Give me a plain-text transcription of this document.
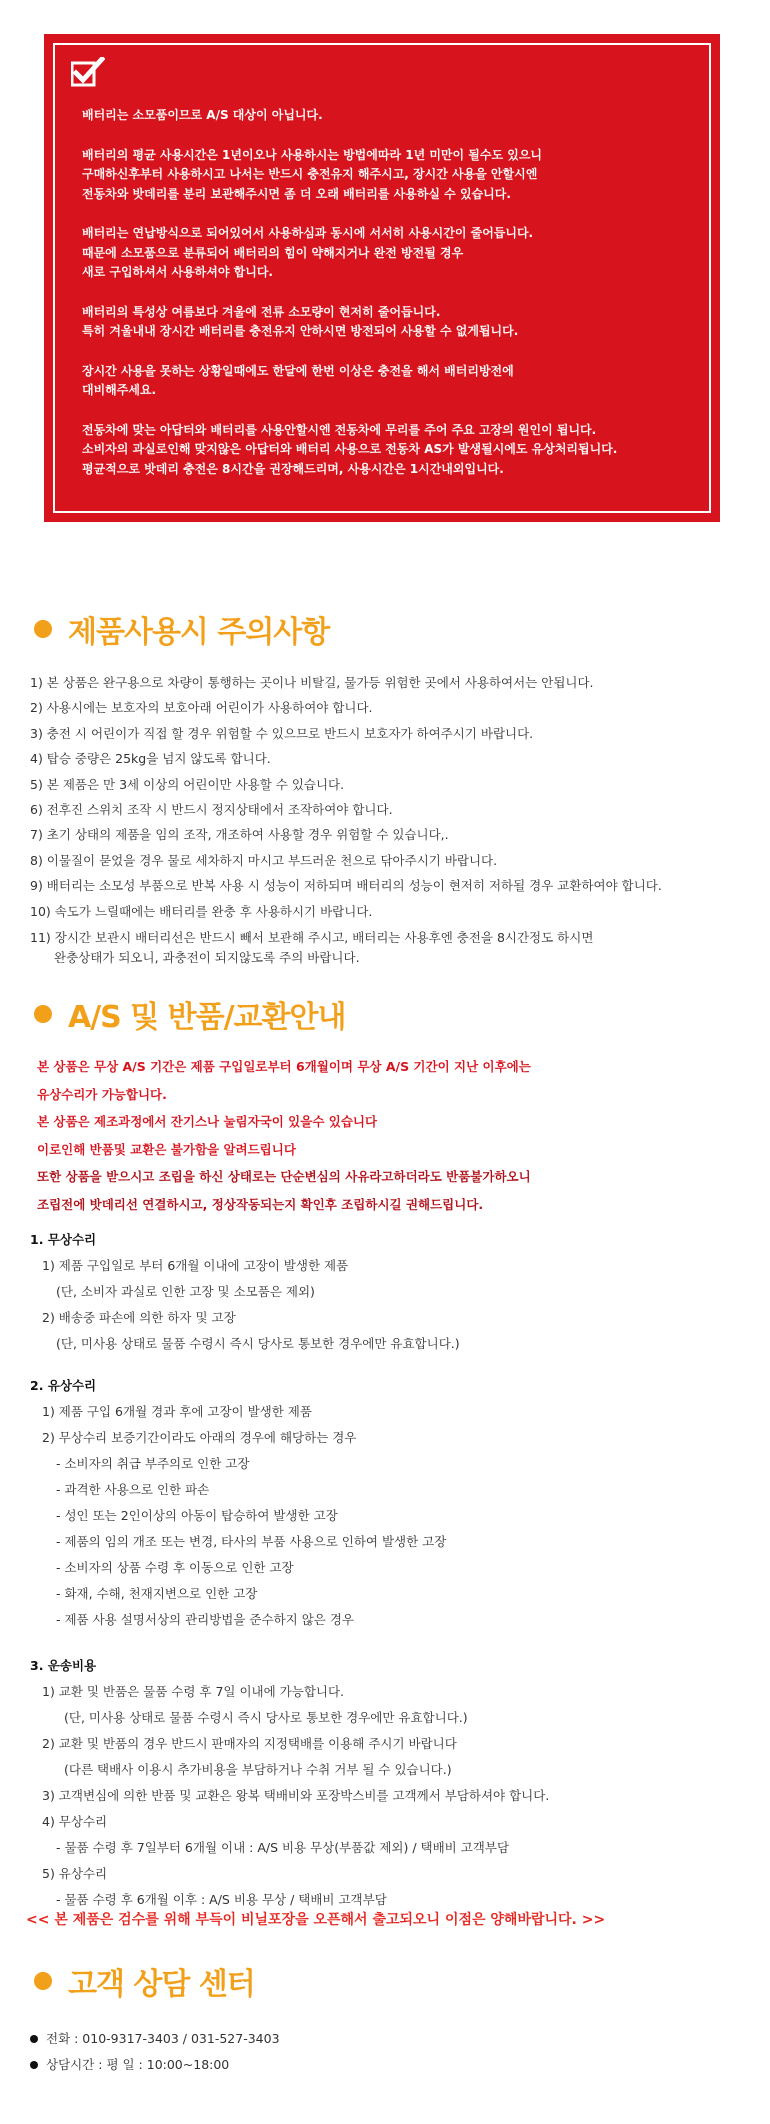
배터리는 소모품이므로 A/S 대상이 아닙니다.

배터리의 평균 사용시간은 1년이오나 사용하시는 방법에따라 1년 미만이 될수도 있으니
구매하신후부터 사용하시고 나서는 반드시 충전유지 해주시고, 장시간 사용을 안할시엔
전동차와 밧데리를 분리 보관해주시면 좀 더 오래 배터리를 사용하실 수 있습니다.

배터리는 연납방식으로 되어있어서 사용하심과 동시에 서서히 사용시간이 줄어듭니다.
때문에 소모품으로 분류되어 배터리의 힘이 약해지거나 완전 방전될 경우
새로 구입하셔서 사용하셔야 합니다.

배터리의 특성상 여름보다 겨울에 전류 소모량이 현저히 줄어듭니다.
특히 겨울내내 장시간 배터리를 충전유지 안하시면 방전되어 사용할 수 없게됩니다.

장시간 사용을 못하는 상황일때에도 한달에 한번 이상은 충전을 해서 배터리방전에
대비해주세요.

전동차에 맞는 아답터와 배터리를 사용안할시엔 전동차에 무리를 주어 주요 고장의 원인이 됩니다.
소비자의 과실로인해 맞지않은 아답터와 배터리 사용으로 전동차 AS가 발생될시에도 유상처리됩니다.
평균적으로 밧데리 충전은 8시간을 권장해드리며, 사용시간은 1시간내외입니다.

제품사용시 주의사항
1) 본 상품은 완구용으로 차량이 통행하는 곳이나 비탈길, 물가등 위험한 곳에서 사용하여서는 안됩니다.
2) 사용시에는 보호자의 보호아래 어린이가 사용하여야 합니다.
3) 충전 시 어린이가 직접 할 경우 위험할 수 있으므로 반드시 보호자가 하여주시기 바랍니다.
4) 탑승 중량은 25kg을 넘지 않도록 합니다.
5) 본 제품은 만 3세 이상의 어린이만 사용할 수 있습니다.
6) 전후진 스위치 조작 시 반드시 정지상태에서 조작하여야 합니다.
7) 초기 상태의 제품을 임의 조작, 개조하여 사용할 경우 위험할 수 있습니다,.
8) 이물질이 묻었을 경우 물로 세차하지 마시고 부드러운 천으로 닦아주시기 바랍니다.
9) 배터리는 소모성 부품으로 반복 사용 시 성능이 저하되며 배터리의 성능이 현저히 저하될 경우 교환하여야 합니다.
10) 속도가 느릴때에는 배터리를 완충 후 사용하시기 바랍니다.
11) 장시간 보관시 배터리선은 반드시 빼서 보관해 주시고, 배터리는 사용후엔 충전을 8시간정도 하시면
완충상태가 되오니, 과충전이 되지않도록 주의 바랍니다.
A/S 및 반품/교환안내
본 상품은 무상 A/S 기간은 제품 구입일로부터 6개월이며 무상 A/S 기간이 지난 이후에는
유상수리가 가능합니다.
본 상품은 제조과정에서 잔기스나 눌림자국이 있을수 있습니다
이로인해 반품및 교환은 불가함을 알려드립니다
또한 상품을 받으시고 조립을 하신 상태로는 단순변심의 사유라고하더라도 반품불가하오니
조립전에 밧데리선 연결하시고, 정상작동되는지 확인후 조립하시길 권해드립니다.
1. 무상수리
1) 제품 구입일로 부터 6개월 이내에 고장이 발생한 제품
(단, 소비자 과실로 인한 고장 및 소모품은 제외)
2) 배송중 파손에 의한 하자 및 고장
(단, 미사용 상태로 물품 수령시 즉시 당사로 통보한 경우에만 유효합니다.)
2. 유상수리
1) 제품 구입 6개월 경과 후에 고장이 발생한 제품
2) 무상수리 보증기간이라도 아래의 경우에 해당하는 경우
- 소비자의 취급 부주의로 인한 고장
- 과격한 사용으로 인한 파손
- 성인 또는 2인이상의 아동이 탑승하여 발생한 고장
- 제품의 임의 개조 또는 변경, 타사의 부품 사용으로 인하여 발생한 고장
- 소비자의 상품 수령 후 이동으로 인한 고장
- 화재, 수해, 천재지변으로 인한 고장
- 제품 사용 설명서상의 관리방법을 준수하지 않은 경우
3. 운송비용
1) 교환 및 반품은 물품 수령 후 7일 이내에 가능합니다.
(단, 미사용 상태로 물품 수령시 즉시 당사로 통보한 경우에만 유효합니다.)
2) 교환 및 반품의 경우 반드시 판매자의 지정택배를 이용해 주시기 바랍니다
(다른 택배사 이용시 추가비용을 부담하거나 수취 거부 될 수 있습니다.)
3) 고객변심에 의한 반품 및 교환은 왕복 택배비와 포장박스비를 고객께서 부담하셔야 합니다.
4) 무상수리
- 물품 수령 후 7일부터 6개월 이내 : A/S 비용 무상(부품값 제외) / 택배비 고객부담
5) 유상수리
- 물품 수령 후 6개월 이후 : A/S 비용 무상 / 택배비 고객부담
<< 본 제품은 검수를 위해 부득이 비닐포장을 오픈해서 출고되오니 이점은 양해바랍니다. >>
고객 상담 센터
전화 : 010-9317-3403 / 031-527-3403
상담시간 : 평 일 : 10:00~18:00
